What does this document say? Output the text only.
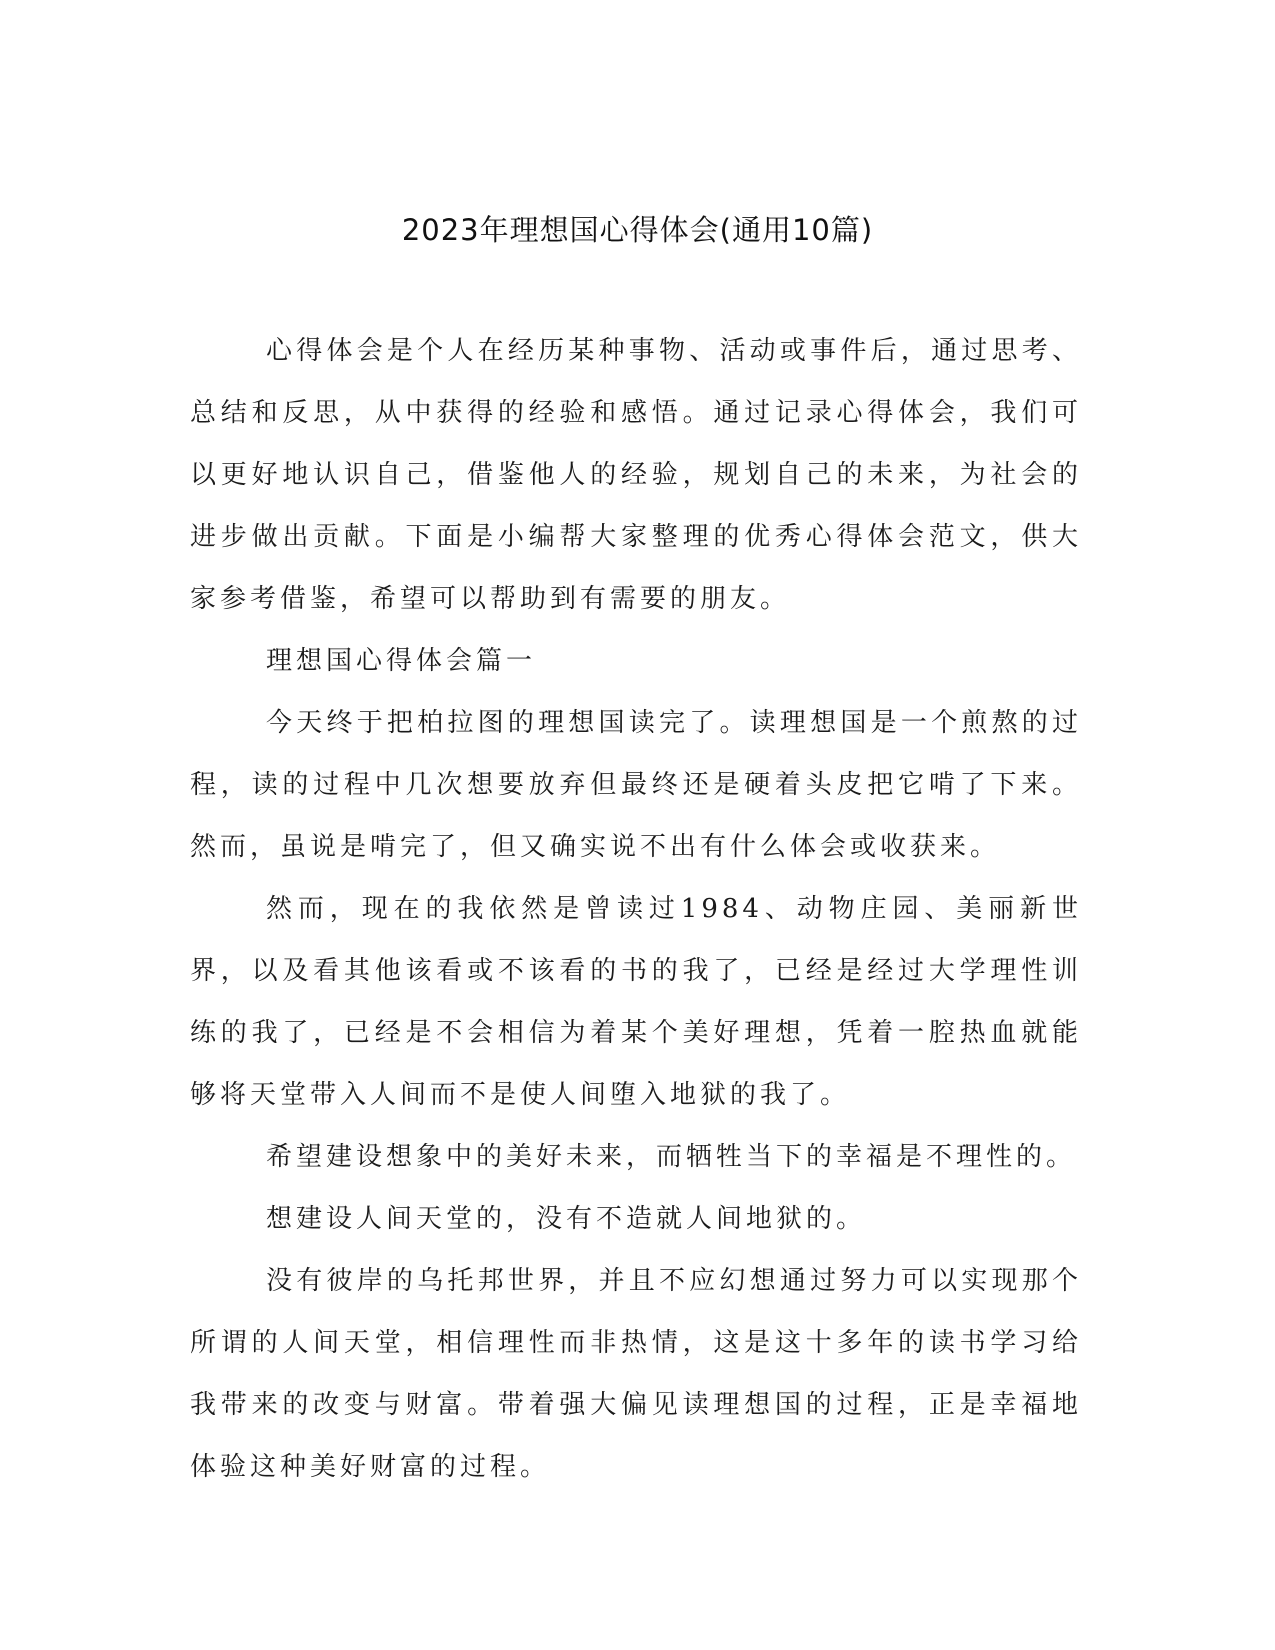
2023年理想国心得体会(通用10篇)

心得体会是个人在经历某种事物、活动或事件后，通过思考、总结和反思，从中获得的经验和感悟。通过记录心得体会，我们可以更好地认识自己，借鉴他人的经验，规划自己的未来，为社会的进步做出贡献。下面是小编帮大家整理的优秀心得体会范文，供大家参考借鉴，希望可以帮助到有需要的朋友。

理想国心得体会篇一

今天终于把柏拉图的理想国读完了。读理想国是一个煎熬的过程，读的过程中几次想要放弃但最终还是硬着头皮把它啃了下来。然而，虽说是啃完了，但又确实说不出有什么体会或收获来。

然而，现在的我依然是曾读过1984、动物庄园、美丽新世界，以及看其他该看或不该看的书的我了，已经是经过大学理性训练的我了，已经是不会相信为着某个美好理想，凭着一腔热血就能够将天堂带入人间而不是使人间堕入地狱的我了。

希望建设想象中的美好未来，而牺牲当下的幸福是不理性的。

想建设人间天堂的，没有不造就人间地狱的。

没有彼岸的乌托邦世界，并且不应幻想通过努力可以实现那个所谓的人间天堂，相信理性而非热情，这是这十多年的读书学习给我带来的改变与财富。带着强大偏见读理想国的过程，正是幸福地体验这种美好财富的过程。
